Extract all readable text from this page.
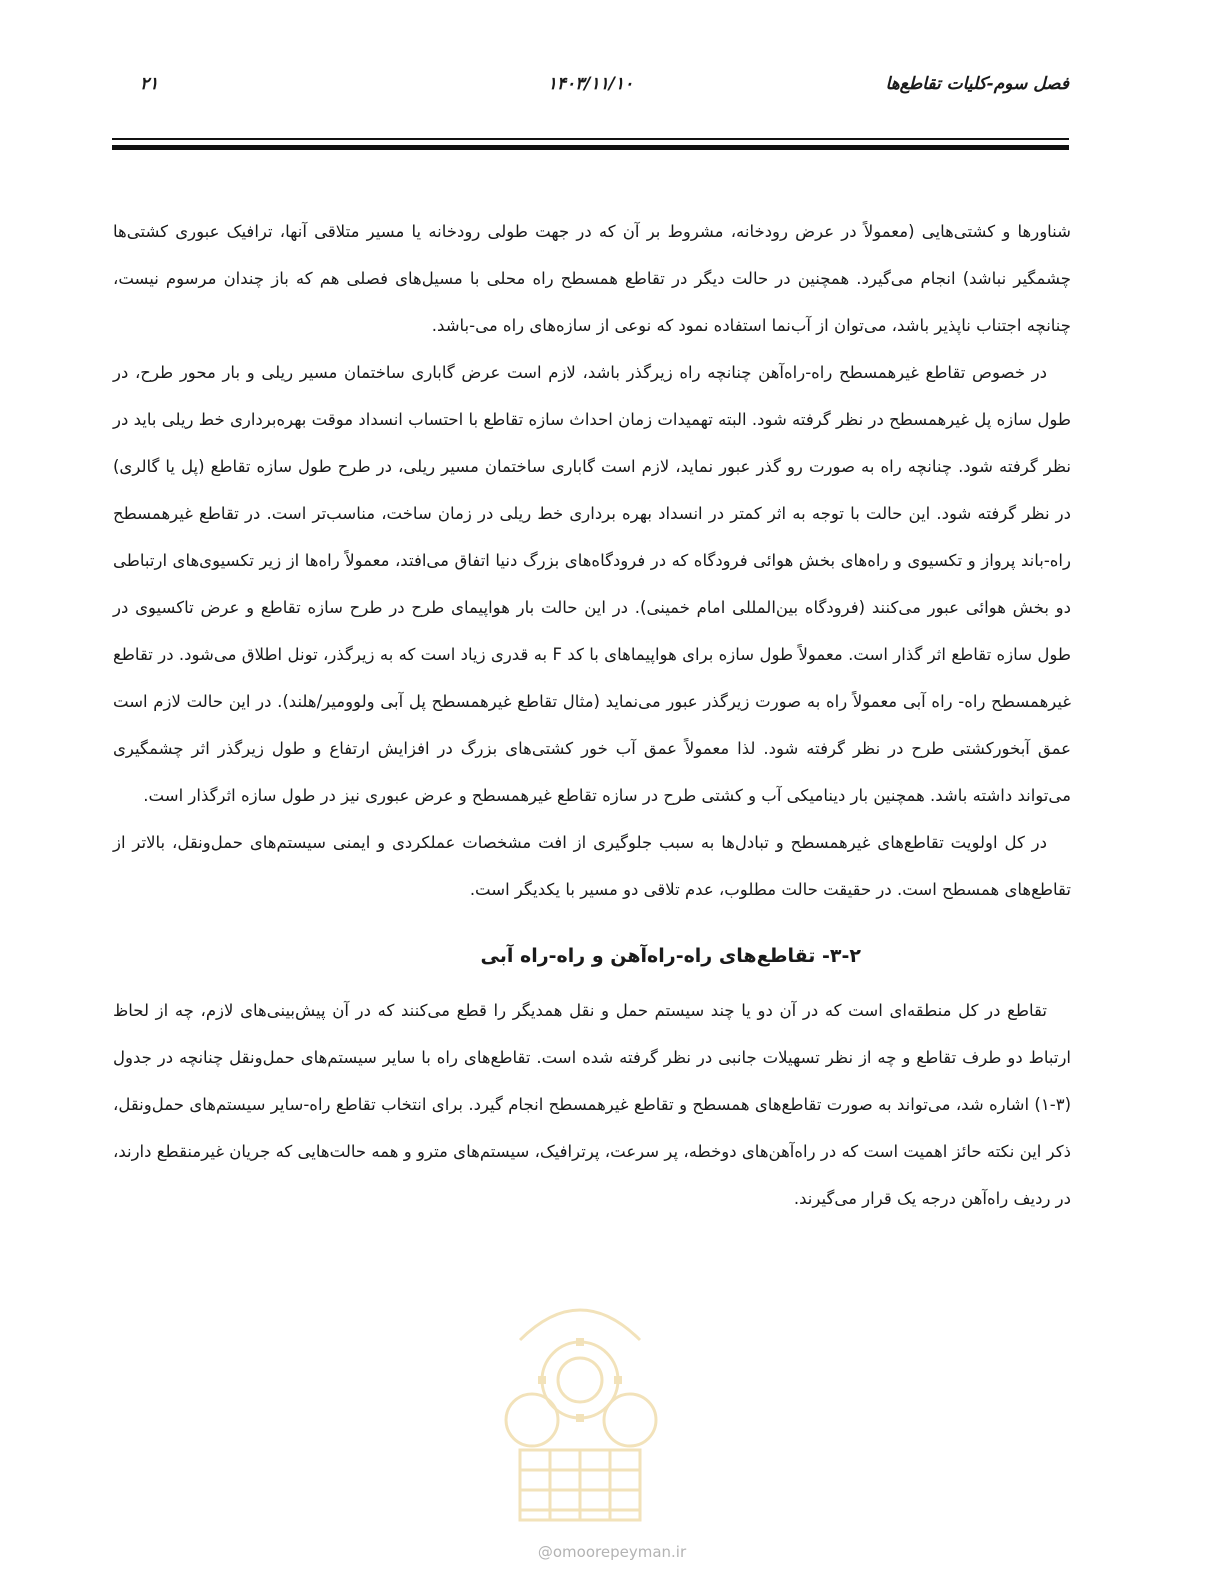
فصل سوم-کلیات تقاطع‌ها
۱۴۰۳/۱۱/۱۰
۲۱

شناورها و کشتی‌هایی (معمولاً در عرض رودخانه، مشروط بر آن که در جهت طولی رودخانه یا مسیر متلاقی آنها، ترافیک عبوری کشتی‌ها چشمگیر نباشد) انجام می‌گیرد. همچنین در حالت دیگر در تقاطع همسطح راه محلی با مسیل‌های فصلی هم که باز چندان مرسوم نیست، چنانچه اجتناب ناپذیر باشد، می‌توان از آب‌نما استفاده نمود که نوعی از سازه‌های راه می-باشد.

در خصوص تقاطع غیرهمسطح راه-راه‌آهن چنانچه راه زیرگذر باشد، لازم است عرض گاباری ساختمان مسیر ریلی و بار محور طرح، در طول سازه پل غیرهمسطح در نظر گرفته شود. البته تهمیدات زمان احداث سازه تقاطع با احتساب انسداد موقت بهره‌برداری خط ریلی باید در نظر گرفته شود. چنانچه راه به صورت رو گذر عبور نماید، لازم است گاباری ساختمان مسیر ریلی، در طرح طول سازه تقاطع (پل یا گالری) در نظر گرفته شود. این حالت با توجه به اثر کمتر در انسداد بهره برداری خط ریلی در زمان ساخت، مناسب‌تر است. در تقاطع غیرهمسطح راه-باند پرواز و تکسیوی و راه‌های بخش هوائی فرودگاه که در فرودگاه‌های بزرگ دنیا اتفاق می‌افتد، معمولاً راه‌ها از زیر تکسیوی‌های ارتباطی دو بخش هوائی عبور می‌کنند (فرودگاه بین‌المللی امام خمینی). در این حالت بار هواپیمای طرح در طرح سازه تقاطع و عرض تاکسیوی در طول سازه تقاطع اثر گذار است. معمولاً طول سازه برای هواپیماهای با کد F به قدری زیاد است که به زیرگذر، تونل اطلاق می‌شود. در تقاطع غیرهمسطح راه- راه آبی معمولاً راه به صورت زیرگذر عبور می‌نماید (مثال تقاطع غیرهمسطح پل آبی ولوومیر/هلند). در این حالت لازم است عمق آبخورکشتی طرح در نظر گرفته شود. لذا معمولاً عمق آب خور کشتی‌های بزرگ در افزایش ارتفاع و طول زیرگذر اثر چشمگیری می‌تواند داشته باشد. همچنین بار دینامیکی آب و کشتی طرح در سازه تقاطع غیرهمسطح و عرض عبوری نیز در طول سازه اثرگذار است.

در کل اولویت تقاطع‌های غیرهمسطح و تبادل‌ها به سبب جلوگیری از افت مشخصات عملکردی و ایمنی سیستم‌های حمل‌ونقل، بالاتر از تقاطع‌های همسطح است. در حقیقت حالت مطلوب، عدم تلاقی دو مسیر با یکدیگر است.

۳-۲- تقاطع‌های راه-راه‌آهن و راه-راه آبی

تقاطع در کل منطقه‌ای است که در آن دو یا چند سیستم حمل و نقل همدیگر را قطع می‌کنند که در آن پیش‌بینی‌های لازم، چه از لحاظ ارتباط دو طرف تقاطع و چه از نظر تسهیلات جانبی در نظر گرفته شده است. تقاطع‌های راه با سایر سیستم‌های حمل‌ونقل چنانچه در جدول (۳-۱) اشاره شد، می‌تواند به صورت تقاطع‌های همسطح و تقاطع غیرهمسطح انجام گیرد. برای انتخاب تقاطع راه-سایر سیستم‌های حمل‌ونقل، ذکر این نکته حائز اهمیت است که در راه‌آهن‌های دوخطه، پر سرعت، پرترافیک، سیستم‌های مترو و همه حالت‌هایی که جریان غیرمنقطع دارند، در ردیف راه‌آهن درجه یک قرار می‌گیرند.

@omoorepeyman.ir
